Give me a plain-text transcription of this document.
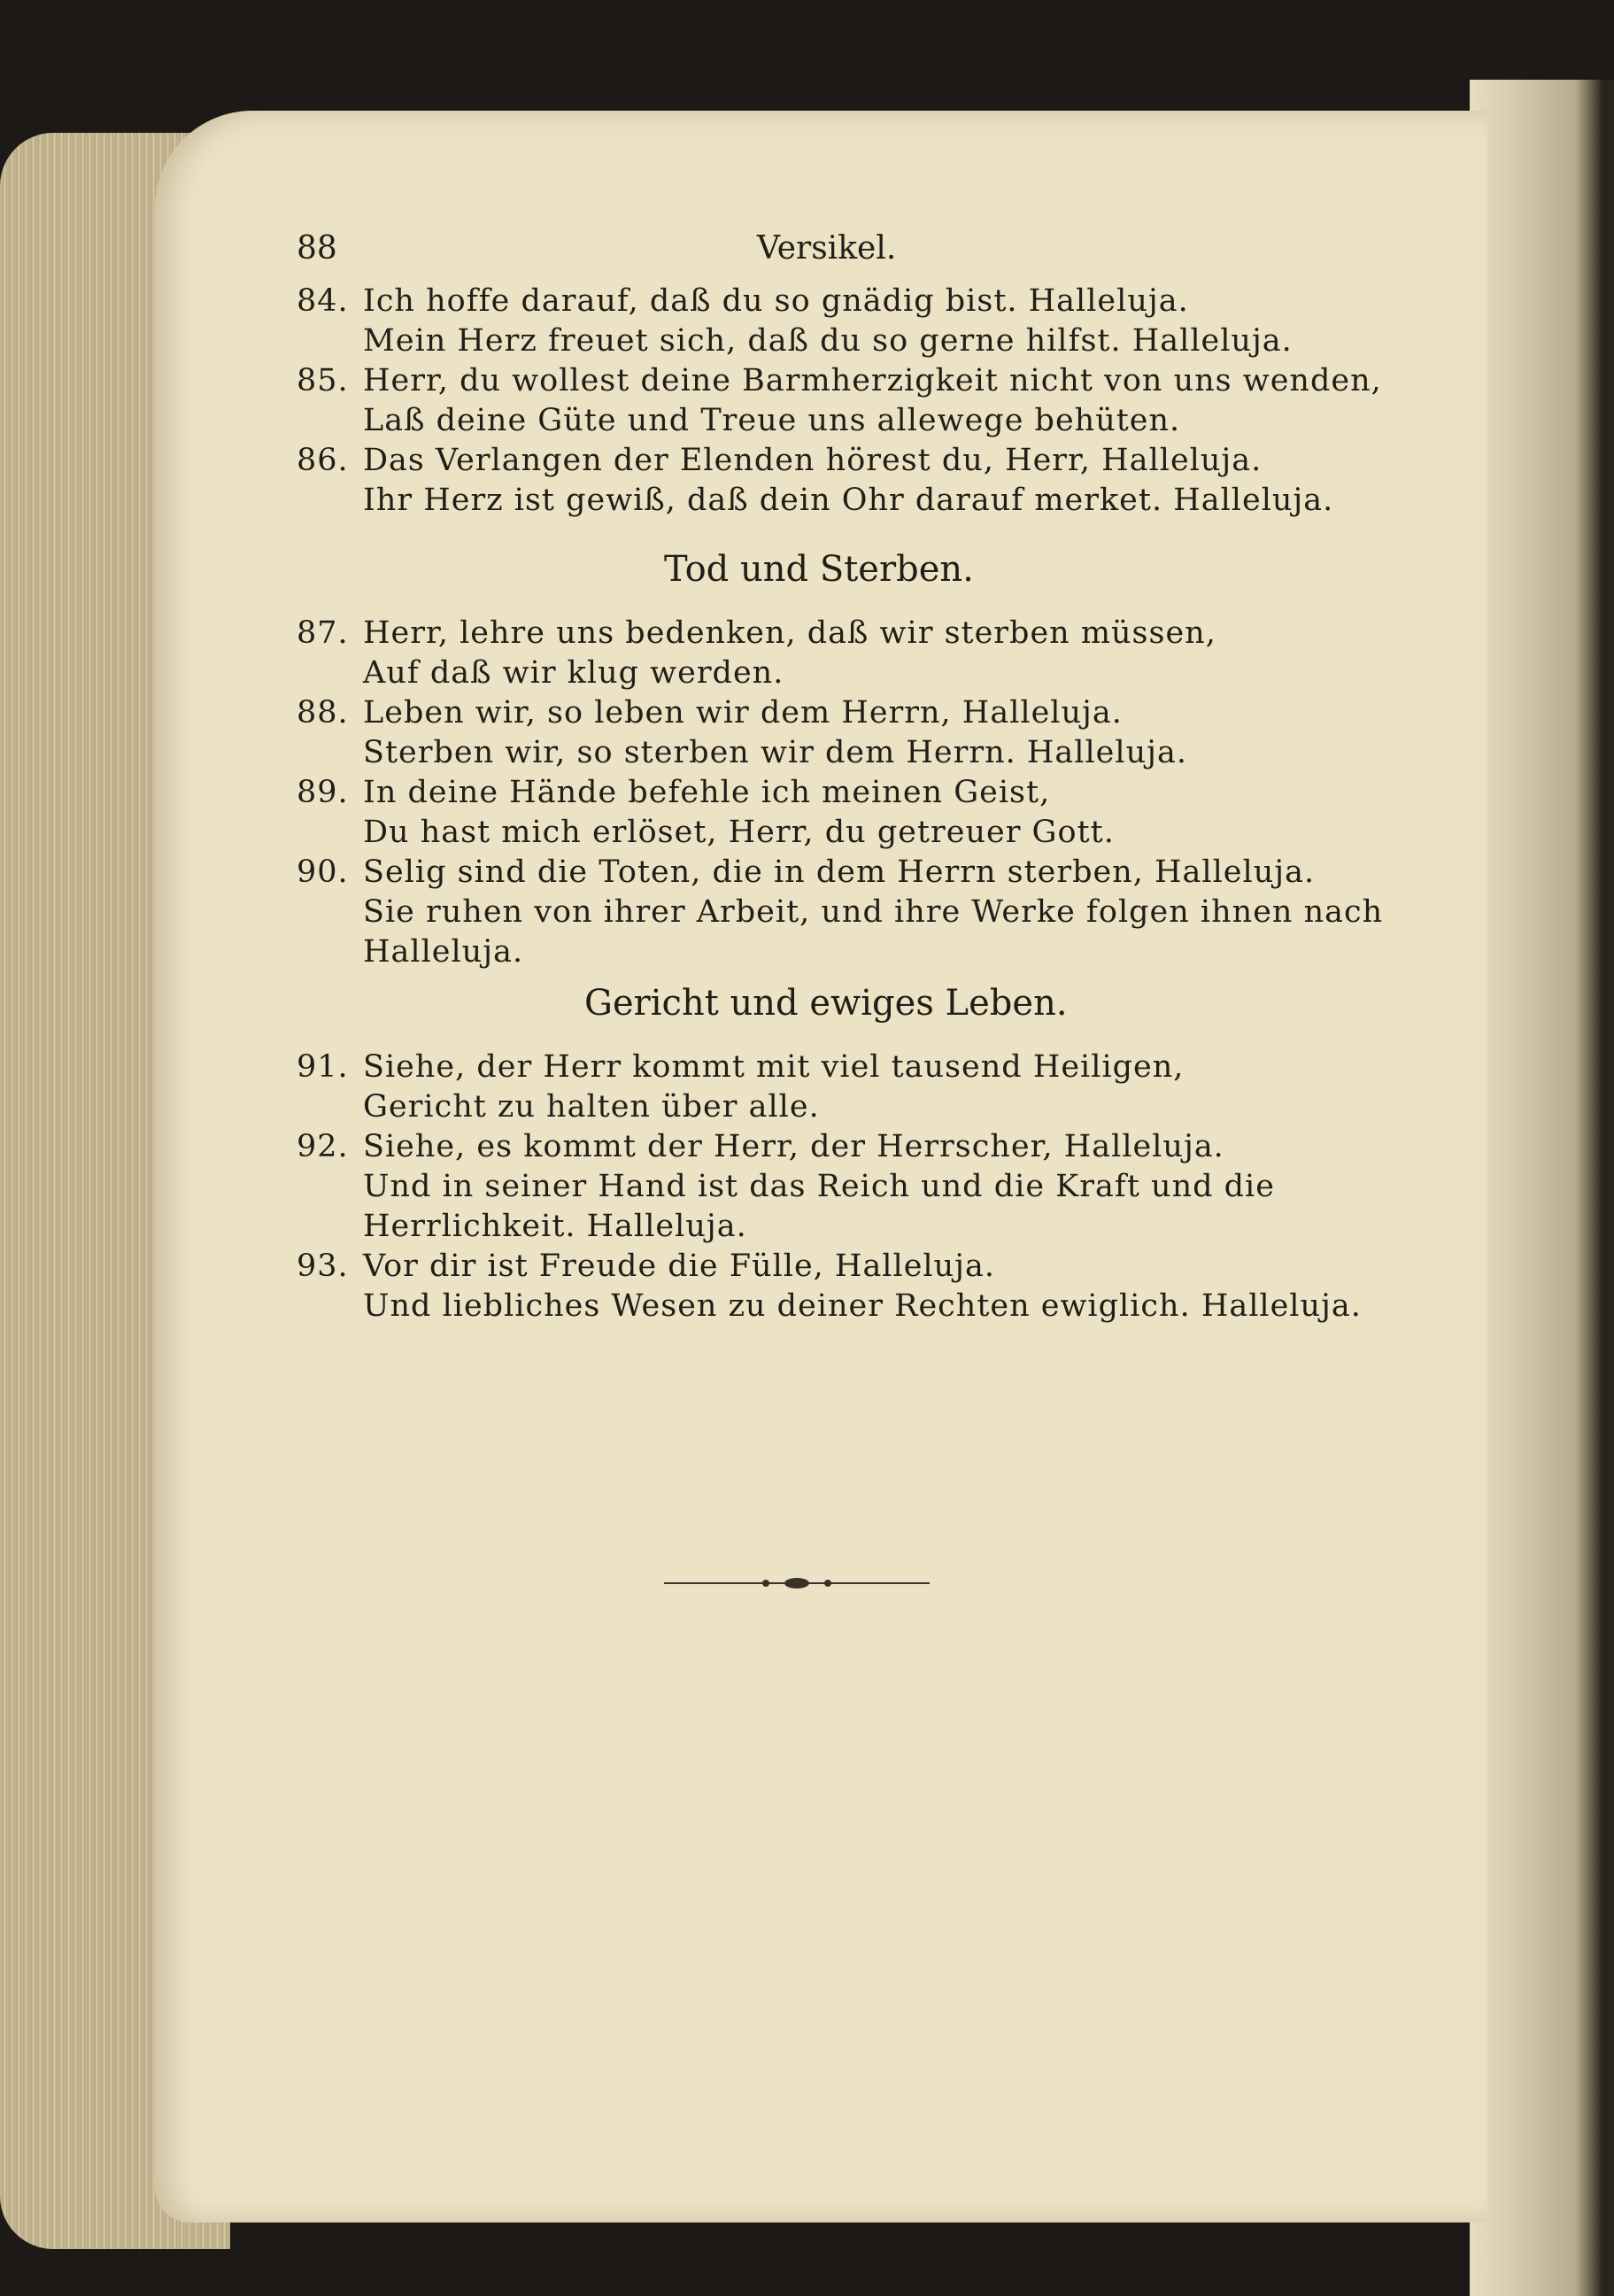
88	Versikel.
84. Ich hoffe darauf, daß du so gnädig bist. Halleluja.
Mein Herz freuet sich, daß du so gerne hilfst. Halleluja.
85. Herr, du wollest deine Barmherzigkeit nicht von uns wenden,
Laß deine Güte und Treue uns allewege behüten.
86. Das Verlangen der Elenden hörest du, Herr, Halleluja.
Ihr Herz ist gewiß, daß dein Ohr darauf merket. Halleluja.
Tod und Sterben.
87. Herr, lehre uns bedenken, daß wir sterben müssen,
Auf daß wir klug werden.
88. Leben wir, so leben wir dem Herrn, Halleluja.
Sterben wir, so sterben wir dem Herrn. Halleluja.
89. In deine Hände befehle ich meinen Geist,
Du hast mich erlöset, Herr, du getreuer Gott.
90. Selig sind die Toten, die in dem Herrn sterben, Halleluja.
Sie ruhen von ihrer Arbeit, und ihre Werke folgen ihnen nach
Halleluja.
Gericht und ewiges Leben.
91. Siehe, der Herr kommt mit viel tausend Heiligen,
Gericht zu halten über alle.
92. Siehe, es kommt der Herr, der Herrscher, Halleluja.
Und in seiner Hand ist das Reich und die Kraft und die
Herrlichkeit. Halleluja.
93. Vor dir ist Freude die Fülle, Halleluja.
Und liebliches Wesen zu deiner Rechten ewiglich. Halleluja.
